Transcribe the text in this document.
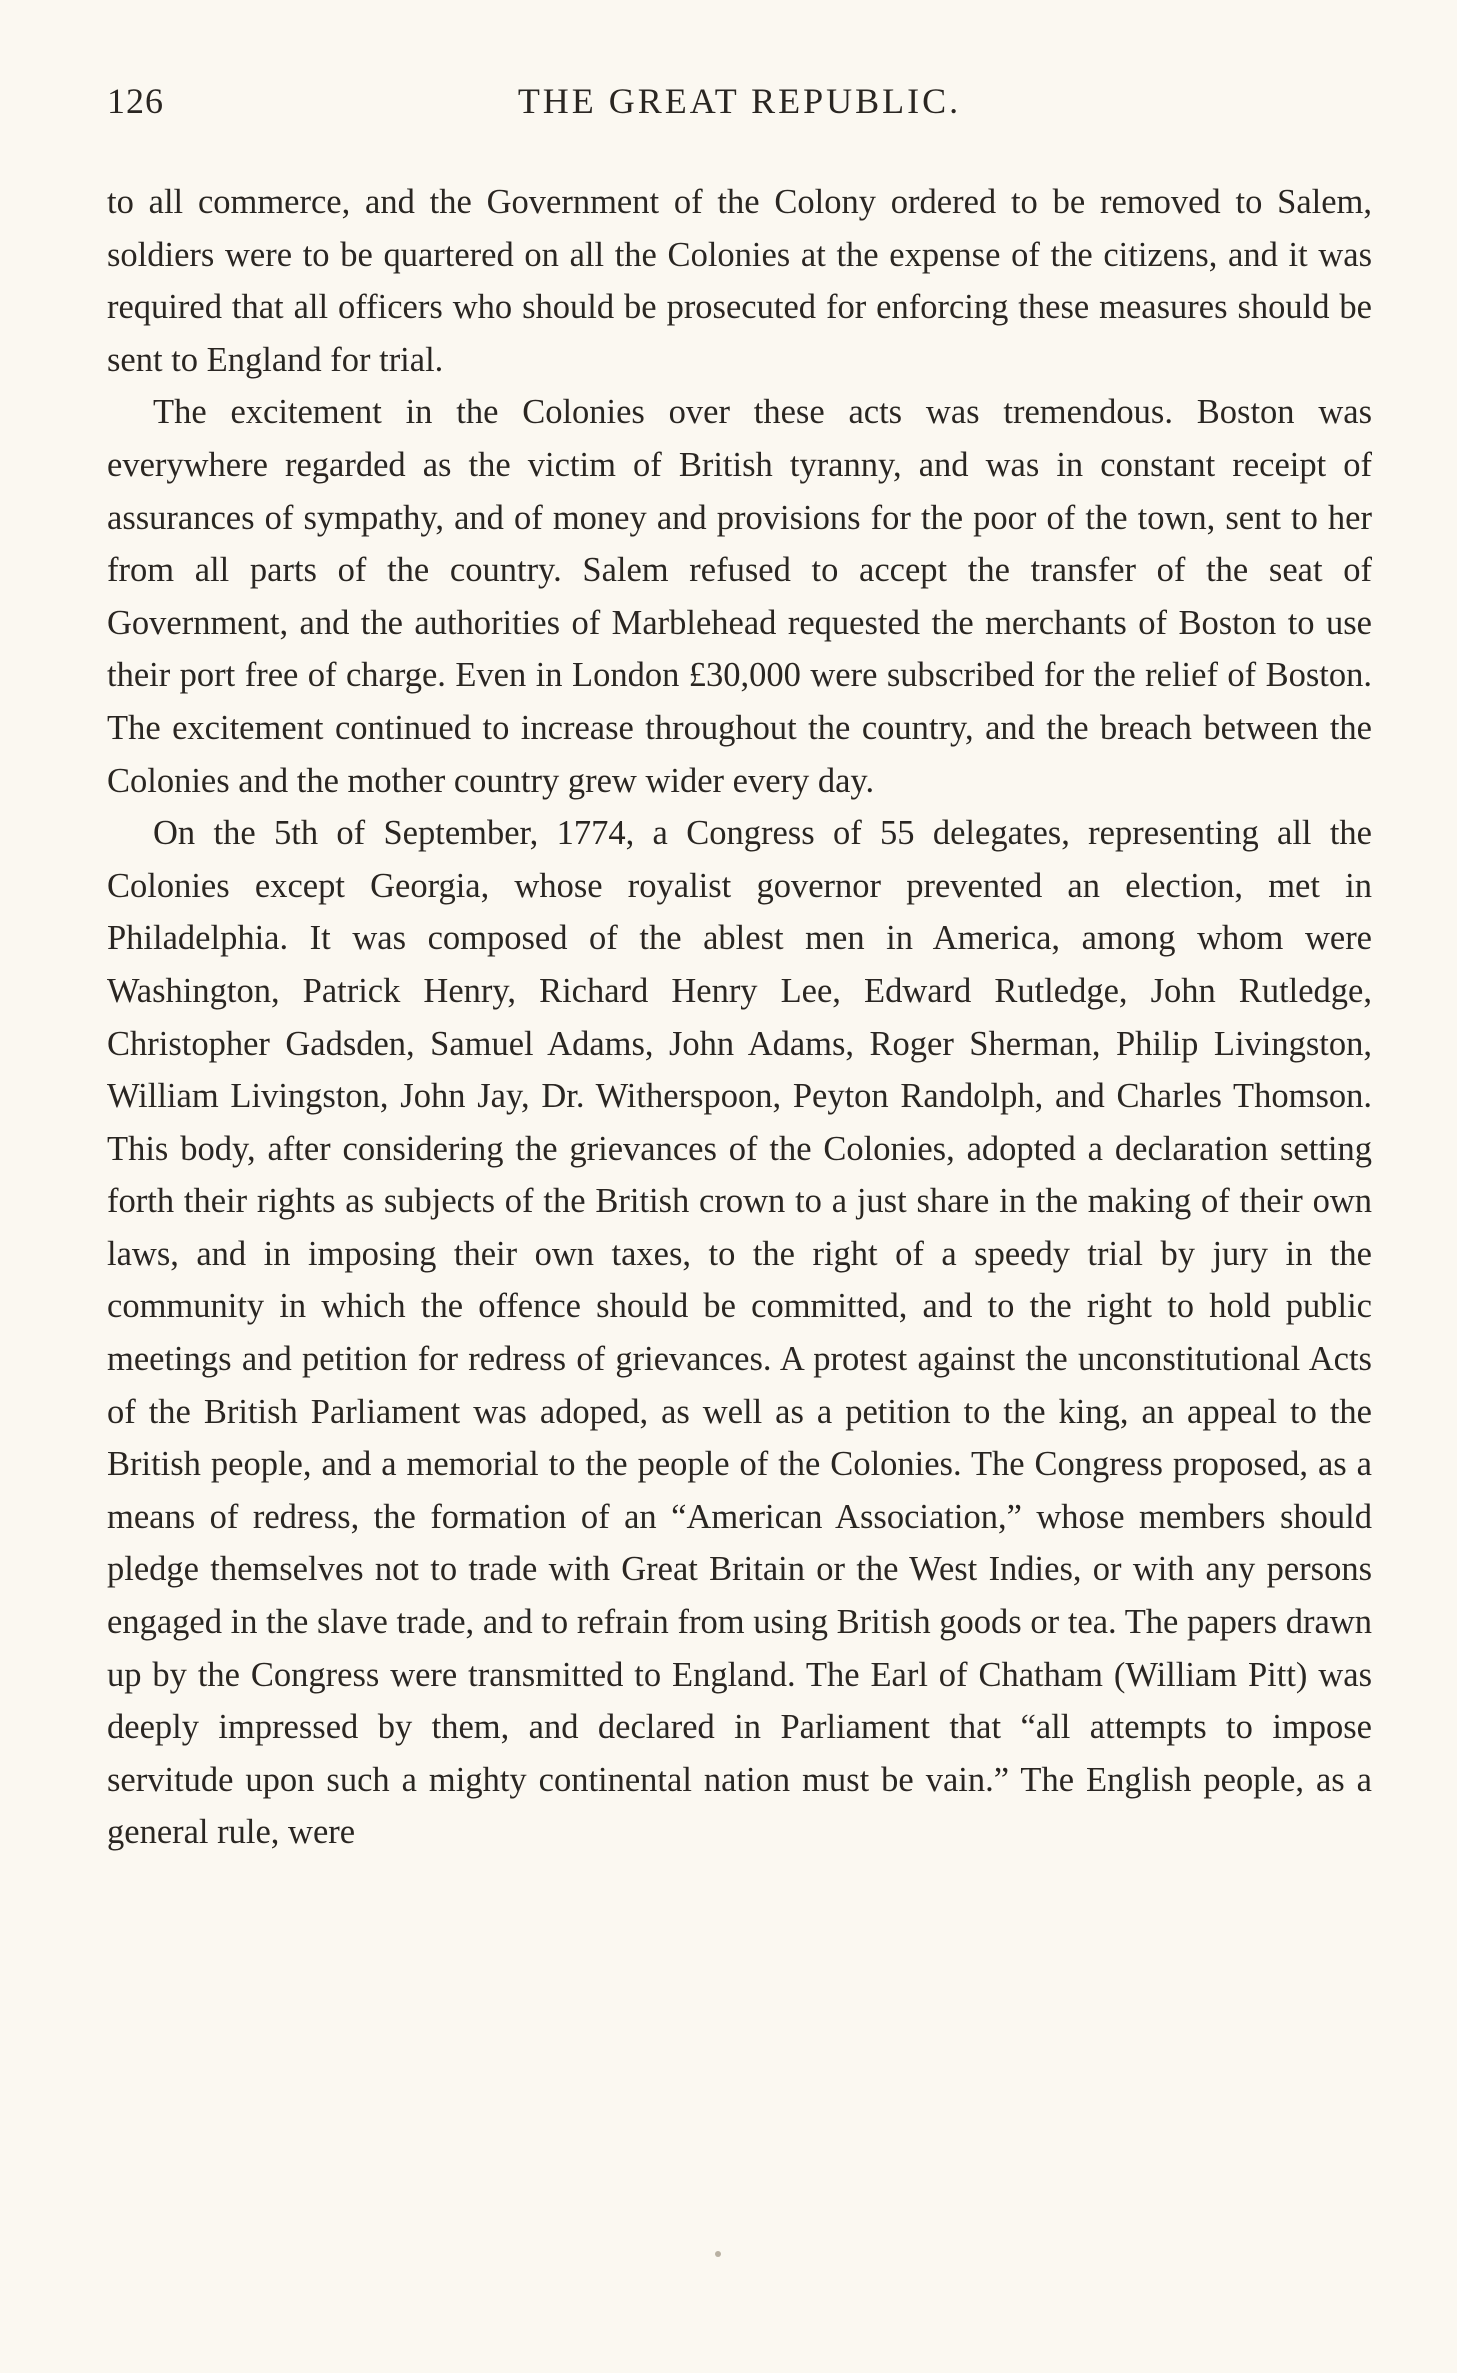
126	THE GREAT REPUBLIC.

to all commerce, and the Government of the Colony ordered to be removed to Salem, soldiers were to be quartered on all the Colonies at the expense of the citizens, and it was required that all officers who should be prosecuted for enforcing these measures should be sent to England for trial.

The excitement in the Colonies over these acts was tremendous. Boston was everywhere regarded as the victim of British tyranny, and was in constant receipt of assurances of sympathy, and of money and provisions for the poor of the town, sent to her from all parts of the country. Salem refused to accept the transfer of the seat of Government, and the authorities of Marblehead requested the merchants of Boston to use their port free of charge. Even in London £30,000 were subscribed for the relief of Boston. The excitement continued to increase throughout the country, and the breach between the Colonies and the mother country grew wider every day.

On the 5th of September, 1774, a Congress of 55 delegates, representing all the Colonies except Georgia, whose royalist governor prevented an election, met in Philadelphia. It was composed of the ablest men in America, among whom were Washington, Patrick Henry, Richard Henry Lee, Edward Rutledge, John Rutledge, Christopher Gadsden, Samuel Adams, John Adams, Roger Sherman, Philip Livingston, William Livingston, John Jay, Dr. Witherspoon, Peyton Randolph, and Charles Thomson. This body, after considering the grievances of the Colonies, adopted a declaration setting forth their rights as subjects of the British crown to a just share in the making of their own laws, and in imposing their own taxes, to the right of a speedy trial by jury in the community in which the offence should be committed, and to the right to hold public meetings and petition for redress of grievances. A protest against the unconstitutional Acts of the British Parliament was adoped, as well as a petition to the king, an appeal to the British people, and a memorial to the people of the Colonies. The Congress proposed, as a means of redress, the formation of an “American Association,” whose members should pledge themselves not to trade with Great Britain or the West Indies, or with any persons engaged in the slave trade, and to refrain from using British goods or tea. The papers drawn up by the Congress were transmitted to England. The Earl of Chatham (William Pitt) was deeply impressed by them, and declared in Parliament that “all attempts to impose servitude upon such a mighty continental nation must be vain.” The English people, as a general rule, were
